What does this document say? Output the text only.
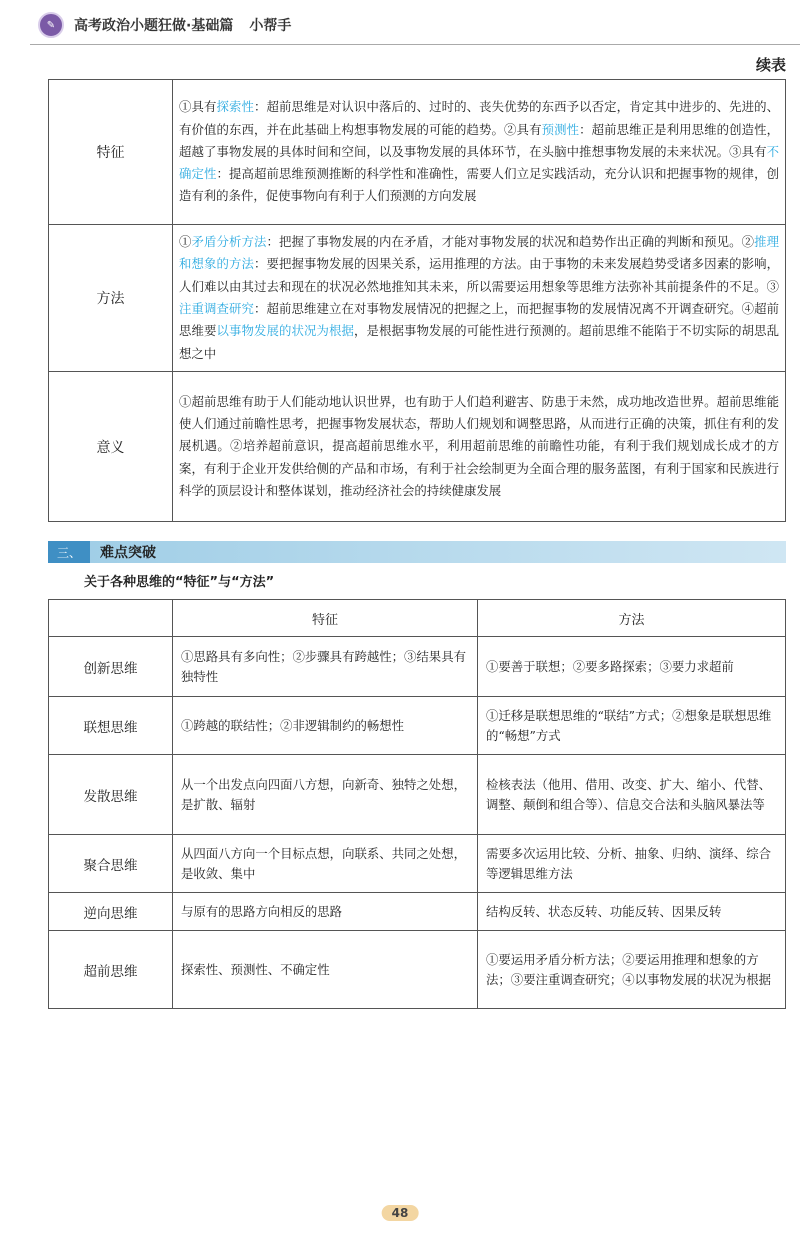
✎	高考政治小题狂做·基础篇 小帮手
续表
特征	①具有探索性：超前思维是对认识中落后的、过时的、丧失优势的东西予以否定，肯定其中进步的、先进的、有价值的东西，并在此基础上构想事物发展的可能的趋势。②具有预测性：超前思维正是利用思维的创造性，超越了事物发展的具体时间和空间，以及事物发展的具体环节，在头脑中推想事物发展的未来状况。③具有不确定性：提高超前思维预测推断的科学性和准确性，需要人们立足实践活动，充分认识和把握事物的规律，创造有利的条件，促使事物向有利于人们预测的方向发展
方法	①矛盾分析方法：把握了事物发展的内在矛盾，才能对事物发展的状况和趋势作出正确的判断和预见。②推理和想象的方法：要把握事物发展的因果关系，运用推理的方法。由于事物的未来发展趋势受诸多因素的影响，人们难以由其过去和现在的状况必然地推知其未来，所以需要运用想象等思维方法弥补其前提条件的不足。③注重调查研究：超前思维建立在对事物发展情况的把握之上，而把握事物的发展情况离不开调查研究。④超前思维要以事物发展的状况为根据，是根据事物发展的可能性进行预测的。超前思维不能陷于不切实际的胡思乱想之中
意义	①超前思维有助于人们能动地认识世界，也有助于人们趋利避害、防患于未然，成功地改造世界。超前思维能使人们通过前瞻性思考，把握事物发展状态，帮助人们规划和调整思路，从而进行正确的决策，抓住有利的发展机遇。②培养超前意识，提高超前思维水平，利用超前思维的前瞻性功能，有利于我们规划成长成才的方案，有利于企业开发供给侧的产品和市场，有利于社会绘制更为全面合理的服务蓝图，有利于国家和民族进行科学的顶层设计和整体谋划，推动经济社会的持续健康发展
三、	难点突破
关于各种思维的“特征”与“方法”
	特征	方法
创新思维	①思路具有多向性；②步骤具有跨越性；③结果具有独特性	①要善于联想；②要多路探索；③要力求超前
联想思维	①跨越的联结性；②非逻辑制约的畅想性	①迁移是联想思维的“联结”方式；②想象是联想思维的“畅想”方式
发散思维	从一个出发点向四面八方想，向新奇、独特之处想，是扩散、辐射	检核表法（他用、借用、改变、扩大、缩小、代替、调整、颠倒和组合等）、信息交合法和头脑风暴法等
聚合思维	从四面八方向一个目标点想，向联系、共同之处想，是收敛、集中	需要多次运用比较、分析、抽象、归纳、演绎、综合等逻辑思维方法
逆向思维	与原有的思路方向相反的思路	结构反转、状态反转、功能反转、因果反转
超前思维	探索性、预测性、不确定性	①要运用矛盾分析方法；②要运用推理和想象的方法；③要注重调查研究；④以事物发展的状况为根据
48
